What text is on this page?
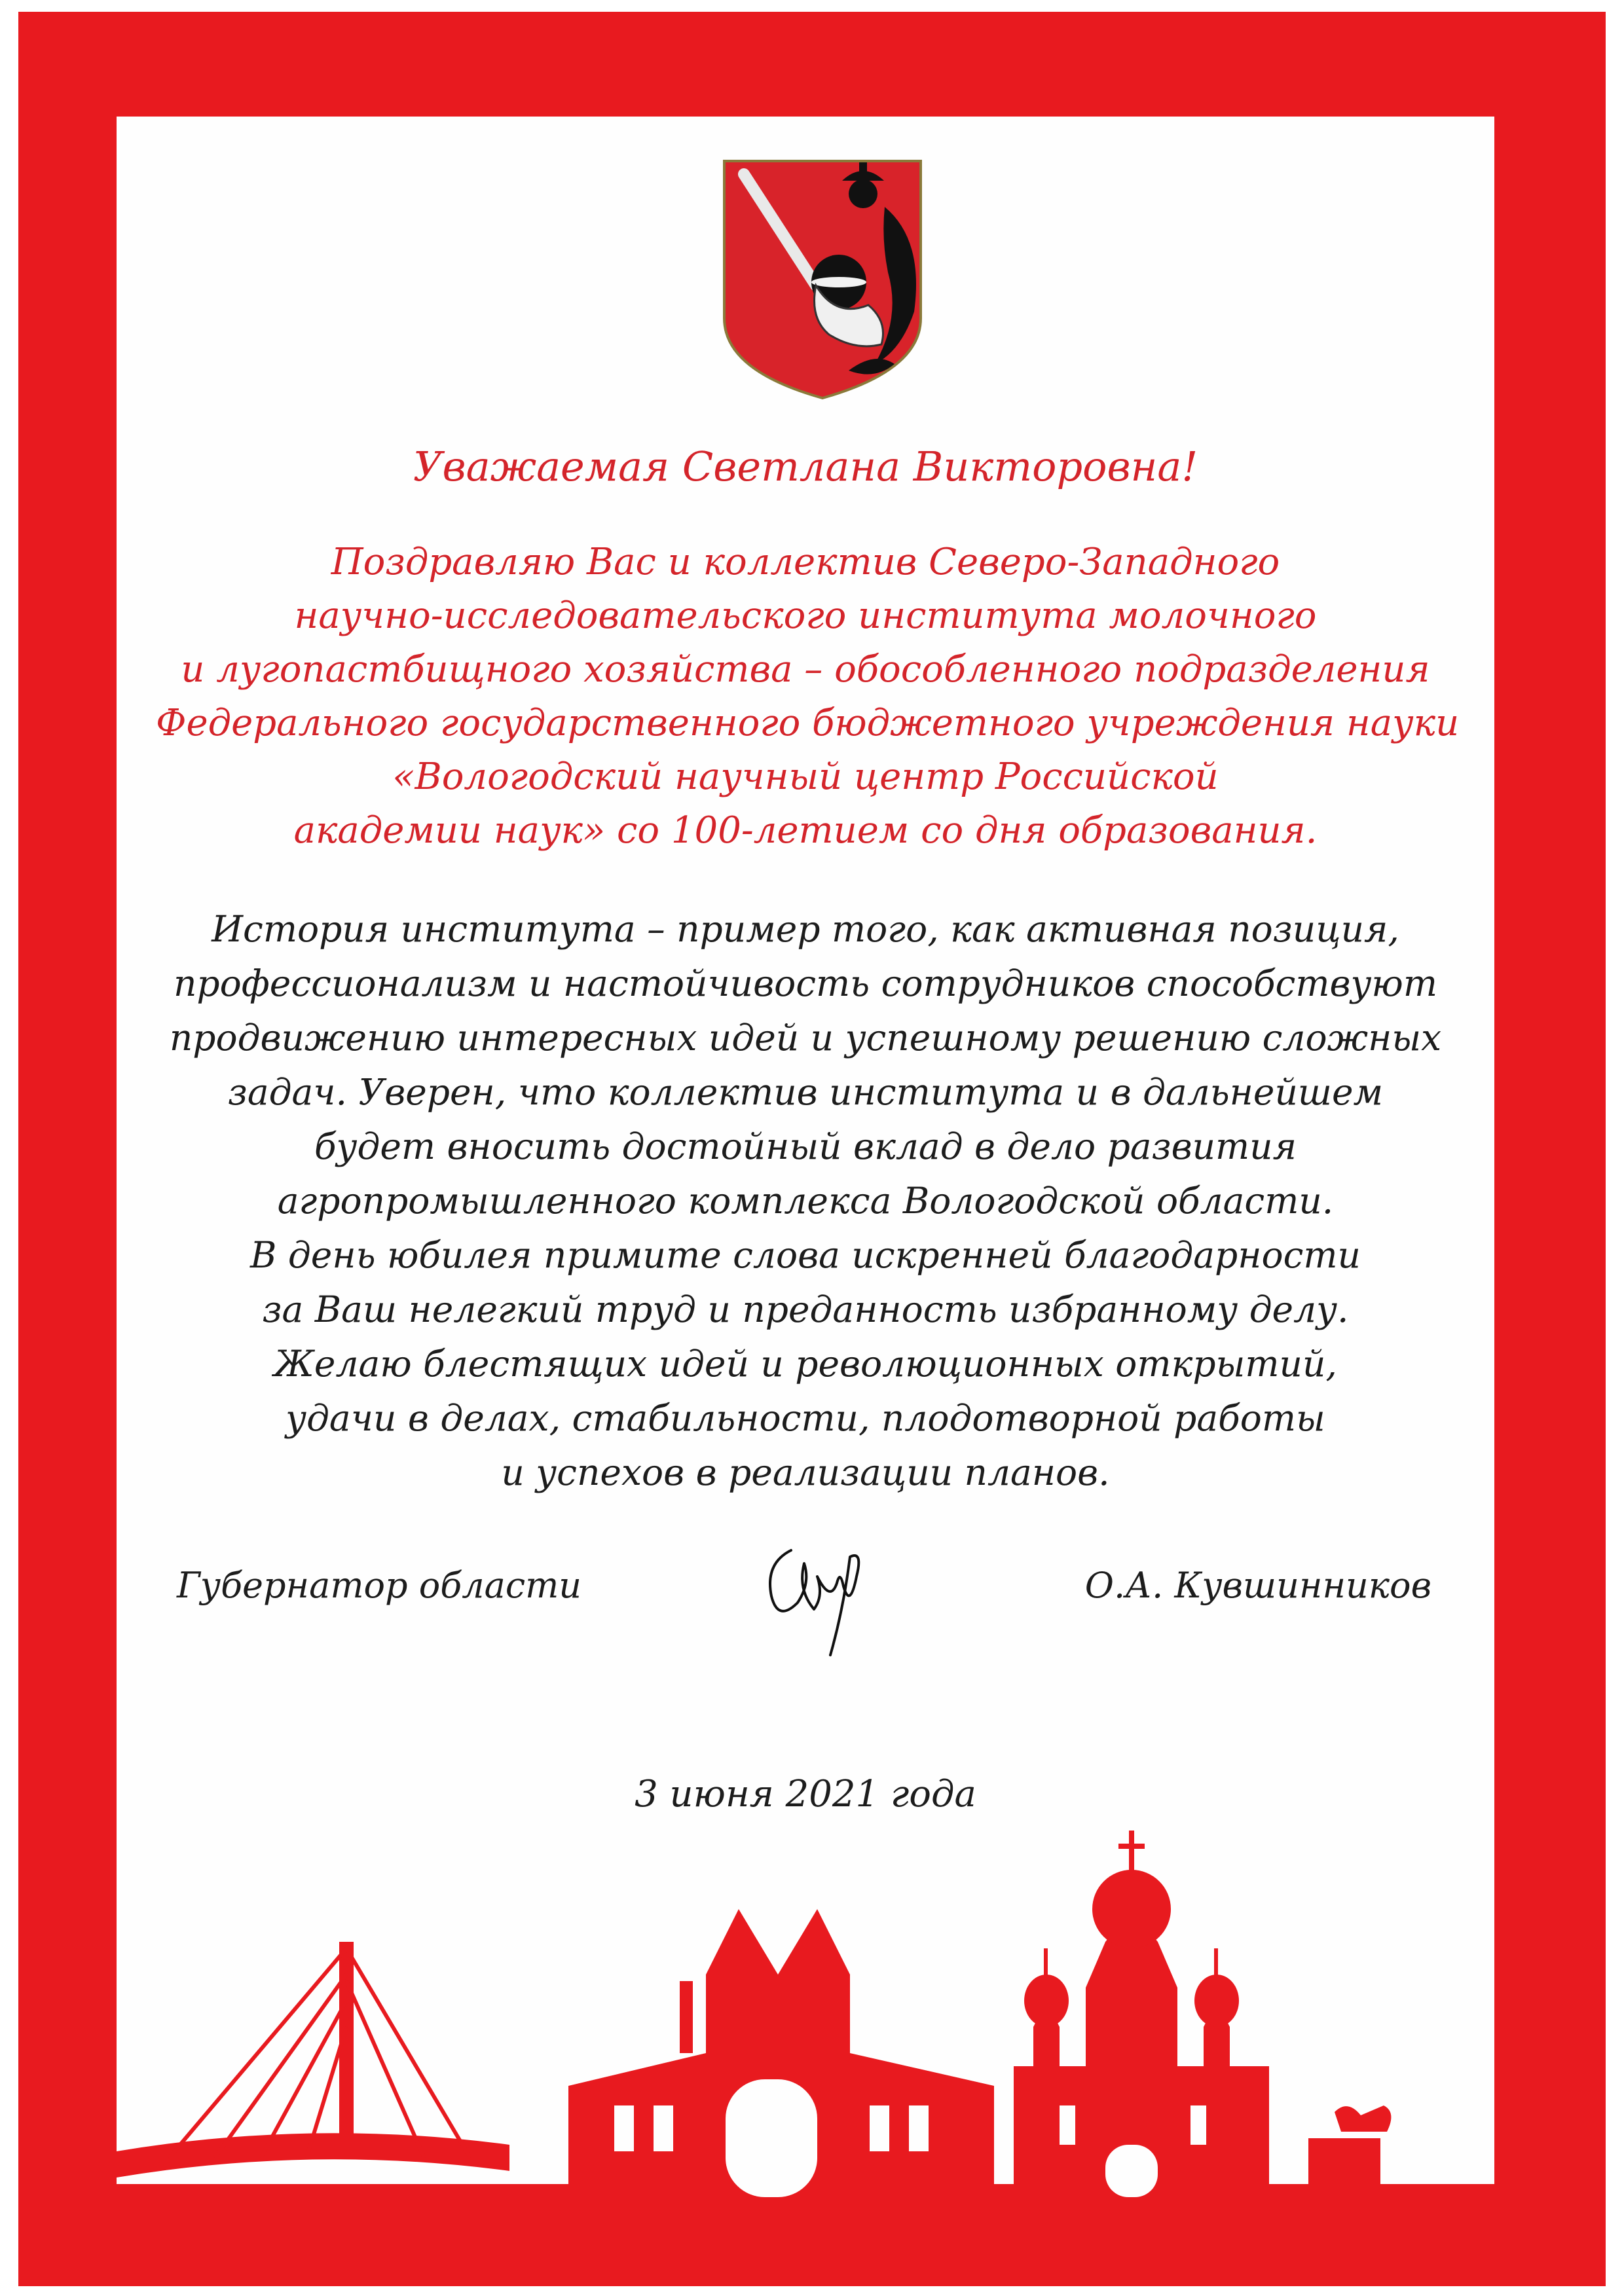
Уважаемая Светлана Викторовна!
Поздравляю Вас и коллектив Северо-Западного
научно-исследовательского института молочного
и лугопастбищного хозяйства – обособленного подразделения
Федерального государственного бюджетного учреждения науки
«Вологодский научный центр Российской
академии наук» со 100-летием со дня образования.
История института – пример того, как активная позиция,
профессионализм и настойчивость сотрудников способствуют
продвижению интересных идей и успешному решению сложных
задач. Уверен, что коллектив института и в дальнейшем
будет вносить достойный вклад в дело развития
агропромышленного комплекса Вологодской области.
В день юбилея примите слова искренней благодарности
за Ваш нелегкий труд и преданность избранному делу.
Желаю блестящих идей и революционных открытий,
удачи в делах, стабильности, плодотворной работы
и успехов в реализации планов.
Губернатор области	О.А. Кувшинников
3 июня 2021 года
